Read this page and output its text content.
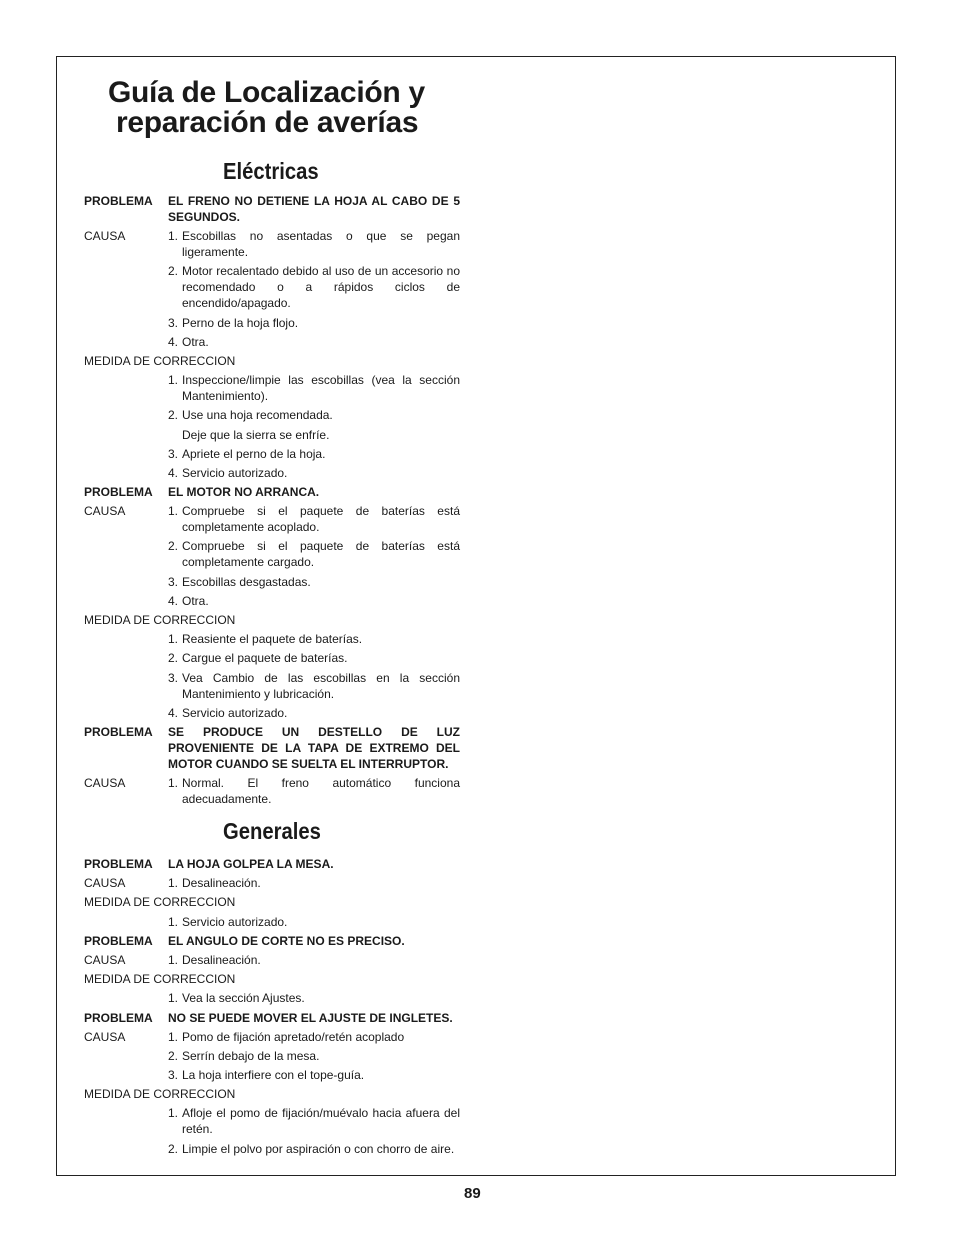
Guía de Localización y
reparación de averías
Eléctricas
PROBLEMA	EL FRENO NO DETIENE LA HOJA AL CABO DE 5 SEGUNDOS.
CAUSA	1. Escobillas no asentadas o que se pegan ligeramente.
2. Motor recalentado debido al uso de un accesorio no recomendado o a rápidos ciclos de encendido/apagado.
3. Perno de la hoja flojo.
4. Otra.
MEDIDA DE CORRECCION
1. Inspeccione/limpie las escobillas (vea la sección Mantenimiento).
2. Use una hoja recomendada.
Deje que la sierra se enfríe.
3. Apriete el perno de la hoja.
4. Servicio autorizado.
PROBLEMA	EL MOTOR NO ARRANCA.
CAUSA	1. Compruebe si el paquete de baterías está completamente acoplado.
2. Compruebe si el paquete de baterías está completamente cargado.
3. Escobillas desgastadas.
4. Otra.
MEDIDA DE CORRECCION
1. Reasiente el paquete de baterías.
2. Cargue el paquete de baterías.
3. Vea Cambio de las escobillas en la sección Mantenimiento y lubricación.
4. Servicio autorizado.
PROBLEMA	SE PRODUCE UN DESTELLO DE LUZ PROVENIENTE DE LA TAPA DE EXTREMO DEL MOTOR CUANDO SE SUELTA EL INTERRUPTOR.
CAUSA	1. Normal. El freno automático funciona adecuadamente.
Generales
PROBLEMA	LA HOJA GOLPEA LA MESA.
CAUSA	1. Desalineación.
MEDIDA DE CORRECCION
1. Servicio autorizado.
PROBLEMA	EL ANGULO DE CORTE NO ES PRECISO.
CAUSA	1. Desalineación.
MEDIDA DE CORRECCION
1. Vea la sección Ajustes.
PROBLEMA	NO SE PUEDE MOVER EL AJUSTE DE INGLETES.
CAUSA	1. Pomo de fijación apretado/retén acoplado
2. Serrín debajo de la mesa.
3. La hoja interfiere con el tope-guía.
MEDIDA DE CORRECCION
1. Afloje el pomo de fijación/muévalo hacia afuera del retén.
2. Limpie el polvo por aspiración o con chorro de aire.
89
